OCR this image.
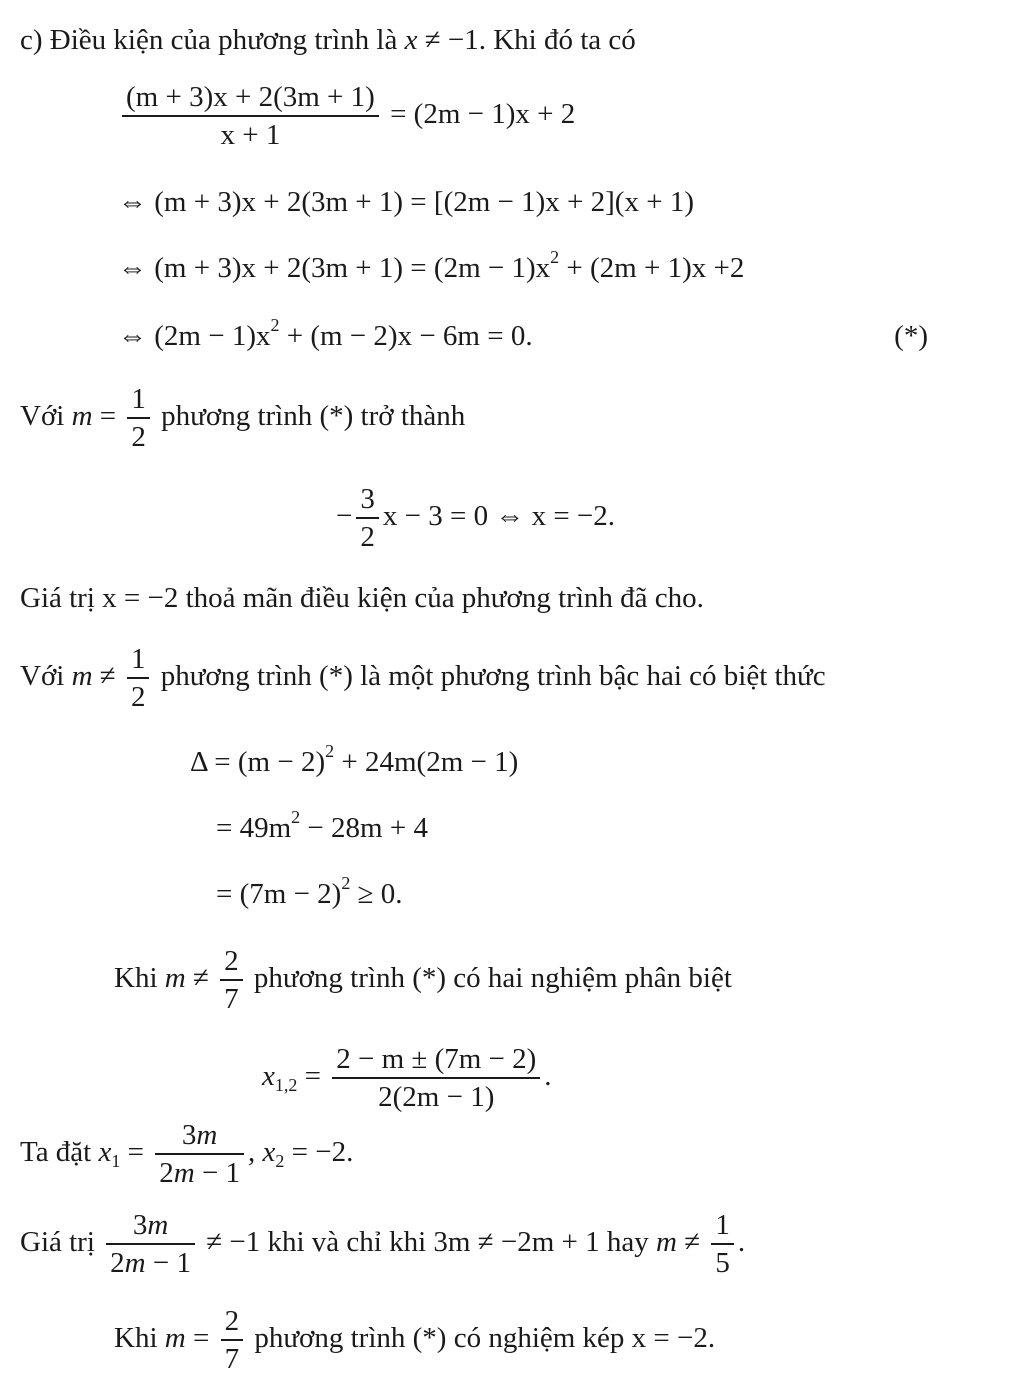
c) Điều kiện của phương trình là x ≠ −1. Khi đó ta có
$\frac{(m + 3)x + 2(3m + 1)}{x + 1} = (2m - 1)x + 2$
⇔ (m + 3)x + 2(3m + 1) = [(2m − 1)x + 2](x + 1)
⇔ $(m + 3)x + 2(3m + 1) = (2m - 1)x^2 + (2m + 1)x +2$
⇔ $(2m - 1)x^2 + (m - 2)x - 6m = 0$.	(*)
Với $m = \frac{1}{2}$ phương trình (*) trở thành
− $\frac{3}{2}$ x − 3 = 0 ⇔ x = −2.
Giá trị x = −2 thoả mãn điều kiện của phương trình đã cho.
Với $m \ne \frac{1}{2}$ phương trình (*) là một phương trình bậc hai có biệt thức
$\Delta = (m - 2)^2 + 24m(2m - 1)$
= $49m^2 - 28m + 4$
= $(7m - 2)^2 \ge 0$.
Khi $m \ne \frac{2}{7}$ phương trình (*) có hai nghiệm phân biệt
$x_{1,2} = \frac{2 - m \pm (7m - 2)}{2(2m - 1)}$ .
Ta đặt $x_1 = \frac{3m}{2m - 1}$ , $x_2 = -2$.
Giá trị $\frac{3m}{2m - 1} \ne -1$ khi và chỉ khi 3m ≠ −2m + 1 hay $m \ne \frac{1}{5}$ .
Khi $m = \frac{2}{7}$ phương trình (*) có nghiệm kép x = −2.
